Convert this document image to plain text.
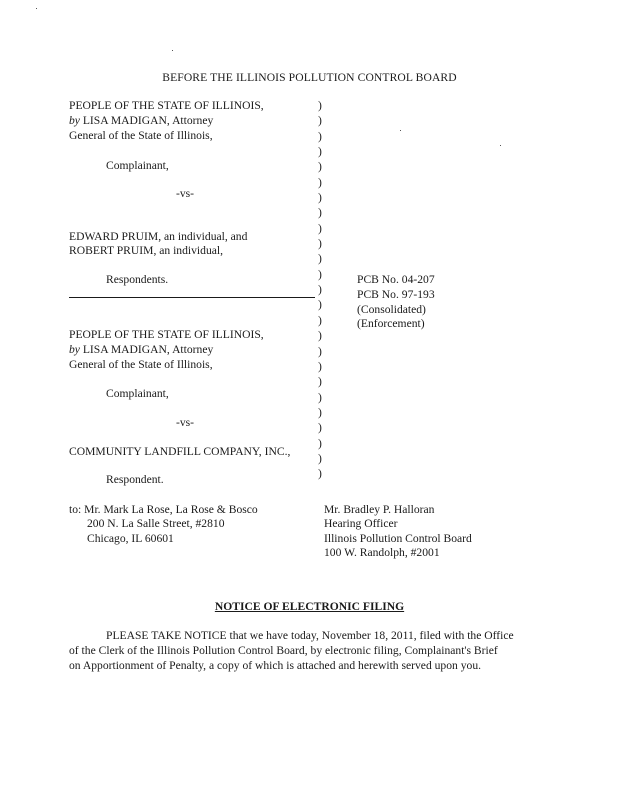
BEFORE THE ILLINOIS POLLUTION CONTROL BOARD
PEOPLE OF THE STATE OF ILLINOIS,
by LISA MADIGAN, Attorney
General of the State of Illinois,
Complainant,
-vs-
EDWARD PRUIM, an individual, and
ROBERT PRUIM, an individual,
Respondents.
PEOPLE OF THE STATE OF ILLINOIS,
by LISA MADIGAN, Attorney
General of the State of Illinois,
Complainant,
-vs-
COMMUNITY LANDFILL COMPANY, INC.,
Respondent.
)
)
)
)
)
)
)
)
)
)
)
)
)
)
)
)
)
)
)
)
)
)
)
)
)
PCB No. 04-207
PCB No. 97-193
(Consolidated)
(Enforcement)
to: Mr. Mark La Rose, La Rose & Bosco
200 N. La Salle Street, #2810
Chicago, IL 60601
Mr. Bradley P. Halloran
Hearing Officer
Illinois Pollution Control Board
100 W. Randolph, #2001
NOTICE OF ELECTRONIC FILING
PLEASE TAKE NOTICE that we have today, November 18, 2011, filed with the Office
of the Clerk of the Illinois Pollution Control Board, by electronic filing, Complainant's Brief
on Apportionment of Penalty, a copy of which is attached and herewith served upon you.
